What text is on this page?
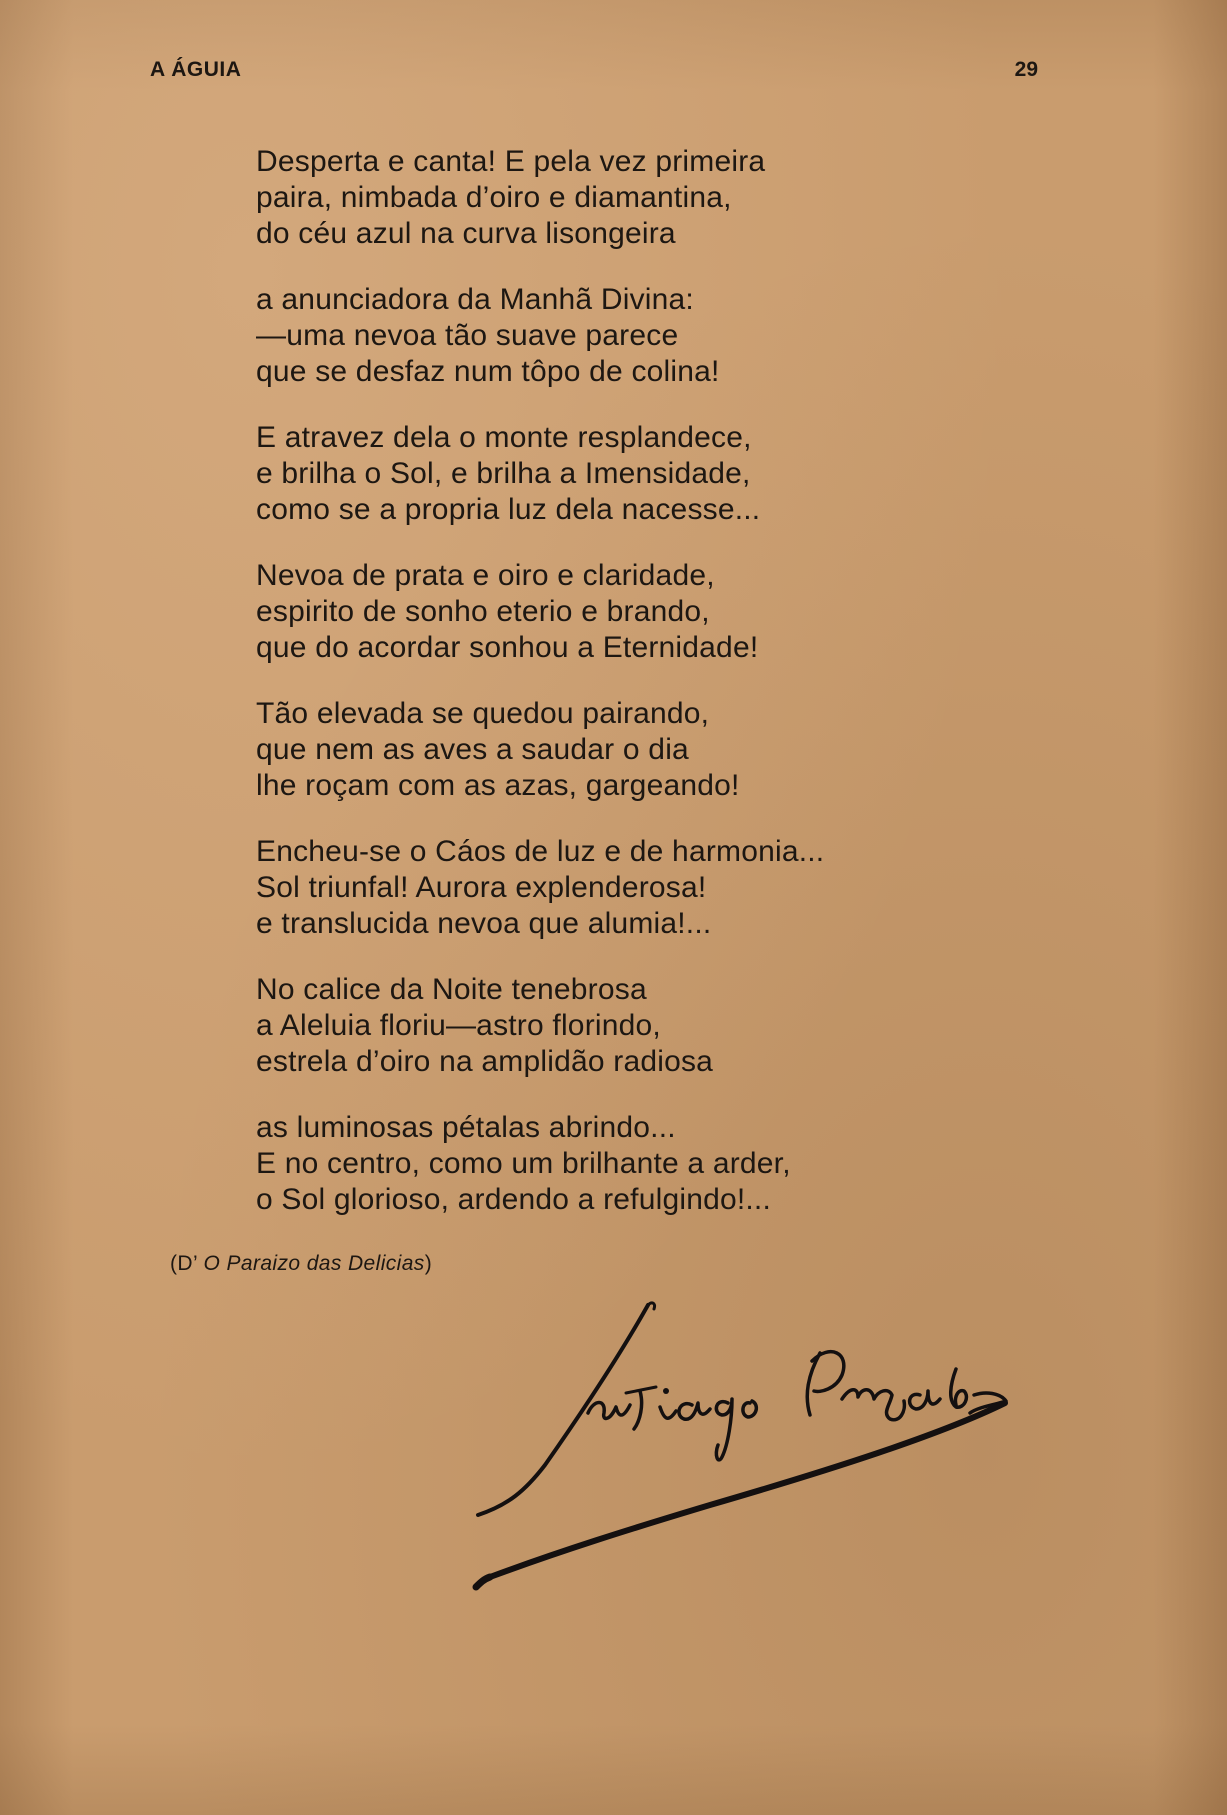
A ÁGUIA	29
Desperta e canta! E pela vez primeira
paira, nimbada d’oiro e diamantina,
do céu azul na curva lisongeira
a anunciadora da Manhã Divina:
—uma nevoa tão suave parece
que se desfaz num tôpo de colina!
E atravez dela o monte resplandece,
e brilha o Sol, e brilha a Imensidade,
como se a propria luz dela nacesse...
Nevoa de prata e oiro e claridade,
espirito de sonho eterio e brando,
que do acordar sonhou a Eternidade!
Tão elevada se quedou pairando,
que nem as aves a saudar o dia
lhe roçam com as azas, gargeando!
Encheu-se o Cáos de luz e de harmonia...
Sol triunfal! Aurora explenderosa!
e translucida nevoa que alumia!...
No calice da Noite tenebrosa
a Aleluia floriu—astro florindo,
estrela d’oiro na amplidão radiosa
as luminosas pétalas abrindo...
E no centro, como um brilhante a arder,
o Sol glorioso, ardendo a refulgindo!...
(D’ O Paraizo das Delicias)
